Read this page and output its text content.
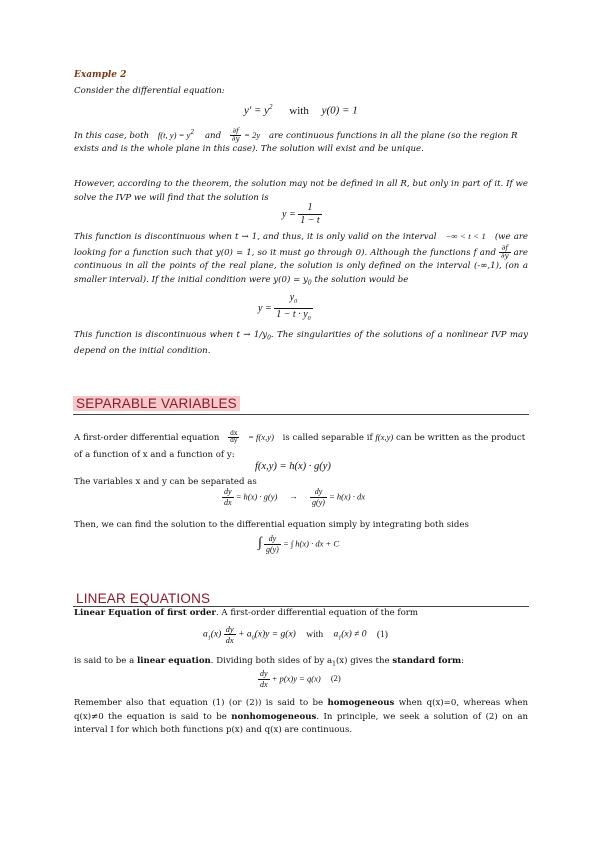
Example 2
Consider the differential equation:
$y' = y^2$ with y(0) = 1
In this case, both f(t, $y) = y^2$ and $\frac{\partial f}{\partial y} = 2y$ are continuous functions in all the plane (so the region R
exists and is the whole plane in this case). The solution will exist and be unique.
However, according to the theorem, the solution may not be defined in all R, but only in part of it. If we solve the IVP we will find that the solution is
$y = \frac{1}{1 - t}$
This function is discontinuous when t → 1, and thus, it is only valid on the interval −∞ < t < 1 (we are looking for a function such that y(0) = 1, so it must go through 0). Although the functions f and $\frac{\partial f}{\partial y}$ are continuous in all the points of the real plane, the solution is only defined on the interval (-∞,1), (on a smaller interval). If the initial condition were $y(0) = y_0$ the solution would be
$y = \frac{y_0}{1 - t \cdot y_0}$
This function is discontinuous when $t \to 1/y_0$. The singularities of the solutions of a nonlinear IVP may depend on the initial condition.
SEPARABLE VARIABLES
A first-order differential equation $\frac{dx}{dy} = f(x,y)$ is called separable if f(x,y) can be written as the product
of a function of x and a function of y:
f(x,y) = h(x) · g(y)
The variables x and y can be separated as
$\frac{dy}{dx} = h(x) \cdot g(y) \to \frac{dy}{g(y)} = h(x)$ · dx
Then, we can find the solution to the differential equation simply by integrating both sides
∫ $\frac{dy}{g(y)}$ = ∫ h(x) · dx + C
LINEAR EQUATIONS
Linear Equation of first order. A first-order differential equation of the form
$a_1(x) \frac{dy}{dx} + a_0(x)y = g(x)$ with $a_1(x) \ne 0$ (1)
is said to be a linear equation. Dividing both sides of by $a_1(x)$ gives the standard form:
$\frac{dy}{dx} + p(x)y = q(x)$ (2)
Remember also that equation (1) (or (2)) is said to be homogeneous when q(x)=0, whereas when q(x)≠0 the equation is said to be nonhomogeneous. In principle, we seek a solution of (2) on an interval I for which both functions p(x) and q(x) are continuous.
